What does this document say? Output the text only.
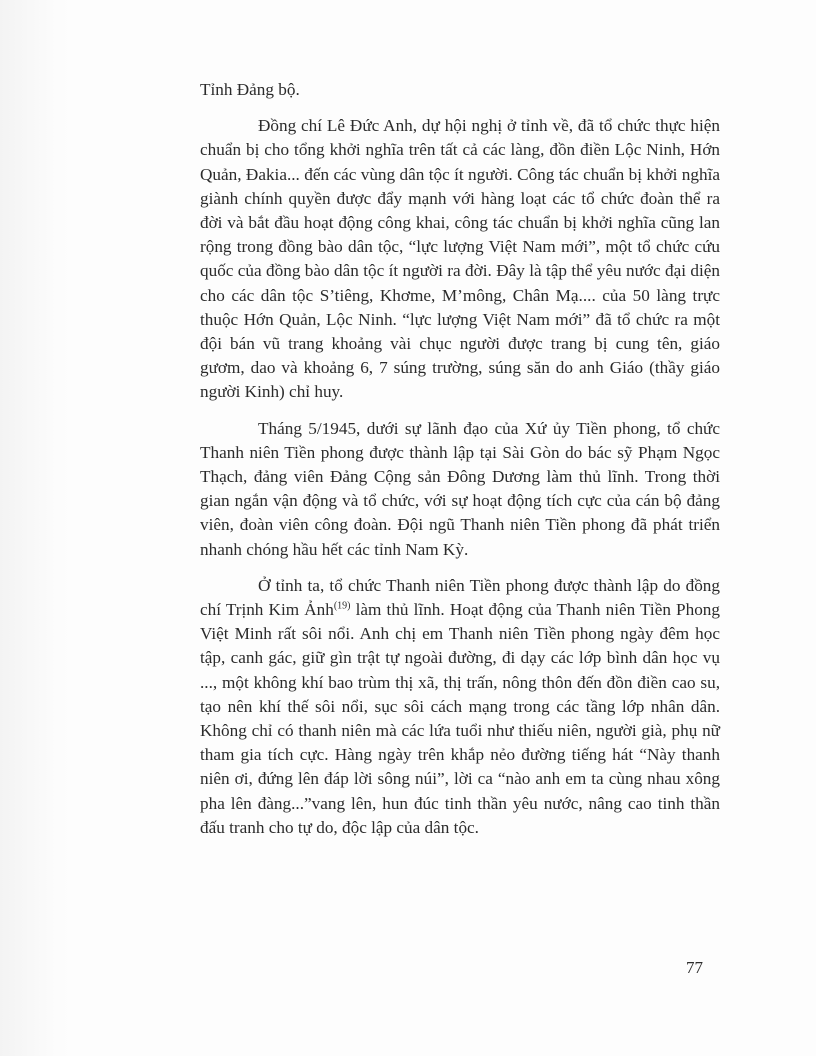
Tỉnh Đảng bộ.

Đồng chí Lê Đức Anh, dự hội nghị ở tỉnh về, đã tổ chức thực hiện chuẩn bị cho tổng khởi nghĩa trên tất cả các làng, đồn điền Lộc Ninh, Hớn Quản, Đakia... đến các vùng dân tộc ít người. Công tác chuẩn bị khởi nghĩa giành chính quyền được đẩy mạnh với hàng loạt các tổ chức đoàn thể ra đời và bắt đầu hoạt động công khai, công tác chuẩn bị khởi nghĩa cũng lan rộng trong đồng bào dân tộc, “lực lượng Việt Nam mới”, một tổ chức cứu quốc của đồng bào dân tộc ít người ra đời. Đây là tập thể yêu nước đại diện cho các dân tộc S’tiêng, Khơme, M’mông, Chân Mạ.... của 50 làng trực thuộc Hớn Quản, Lộc Ninh. “lực lượng Việt Nam mới” đã tổ chức ra một đội bán vũ trang khoảng vài chục người được trang bị cung tên, giáo gươm, dao và khoảng 6, 7 súng trường, súng săn do anh Giáo (thầy giáo người Kinh) chỉ huy.

Tháng 5/1945, dưới sự lãnh đạo của Xứ ủy Tiền phong, tổ chức Thanh niên Tiền phong được thành lập tại Sài Gòn do bác sỹ Phạm Ngọc Thạch, đảng viên Đảng Cộng sản Đông Dương làm thủ lĩnh. Trong thời gian ngắn vận động và tổ chức, với sự hoạt động tích cực của cán bộ đảng viên, đoàn viên công đoàn. Đội ngũ Thanh niên Tiền phong đã phát triển nhanh chóng hầu hết các tỉnh Nam Kỳ.

Ở tỉnh ta, tổ chức Thanh niên Tiền phong được thành lập do đồng chí Trịnh Kim Ảnh$^{(19)}$ làm thủ lĩnh. Hoạt động của Thanh niên Tiền Phong Việt Minh rất sôi nổi. Anh chị em Thanh niên Tiền phong ngày đêm học tập, canh gác, giữ gìn trật tự ngoài đường, đi dạy các lớp bình dân học vụ ..., một không khí bao trùm thị xã, thị trấn, nông thôn đến đồn điền cao su, tạo nên khí thế sôi nổi, sục sôi cách mạng trong các tầng lớp nhân dân. Không chỉ có thanh niên mà các lứa tuổi như thiếu niên, người già, phụ nữ tham gia tích cực. Hàng ngày trên khắp nẻo đường tiếng hát “Này thanh niên ơi, đứng lên đáp lời sông núi”, lời ca “nào anh em ta cùng nhau xông pha lên đàng...”vang lên, hun đúc tinh thần yêu nước, nâng cao tinh thần đấu tranh cho tự do, độc lập của dân tộc.

77
